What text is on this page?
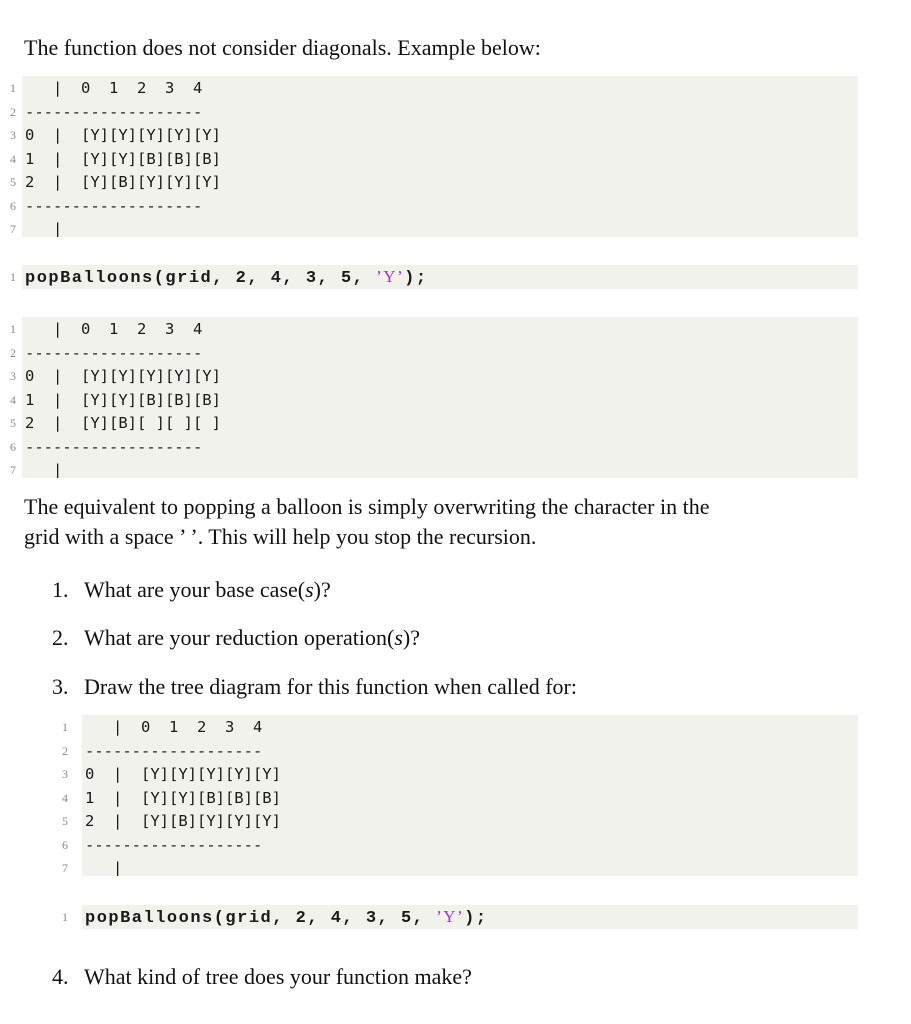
The function does not consider diagonals. Example below:

1
2
3
4
5
6
7
|  0  1  2  3  4
-------------------
0  |  [Y][Y][Y][Y][Y]
1  |  [Y][Y][B][B][B]
2  |  [Y][B][Y][Y][Y]
-------------------
|
1 popBalloons(grid, 2, 4, 3, 5, ’Y’);
1
2
3
4
5
6
7
|  0  1  2  3  4
-------------------
0  |  [Y][Y][Y][Y][Y]
1  |  [Y][Y][B][B][B]
2  |  [Y][B][ ][ ][ ]
-------------------
|
The equivalent to popping a balloon is simply overwriting the character in the
grid with a space ’ ’. This will help you stop the recursion.
1. What are your base case(s)?
2. What are your reduction operation(s)?
3. Draw the tree diagram for this function when called for:
4. What kind of tree does your function make?
1
2
3
4
5
6
7
|  0  1  2  3  4
-------------------
0  |  [Y][Y][Y][Y][Y]
1  |  [Y][Y][B][B][B]
2  |  [Y][B][Y][Y][Y]
-------------------
|
1 popBalloons(grid, 2, 4, 3, 5, ’Y’);
